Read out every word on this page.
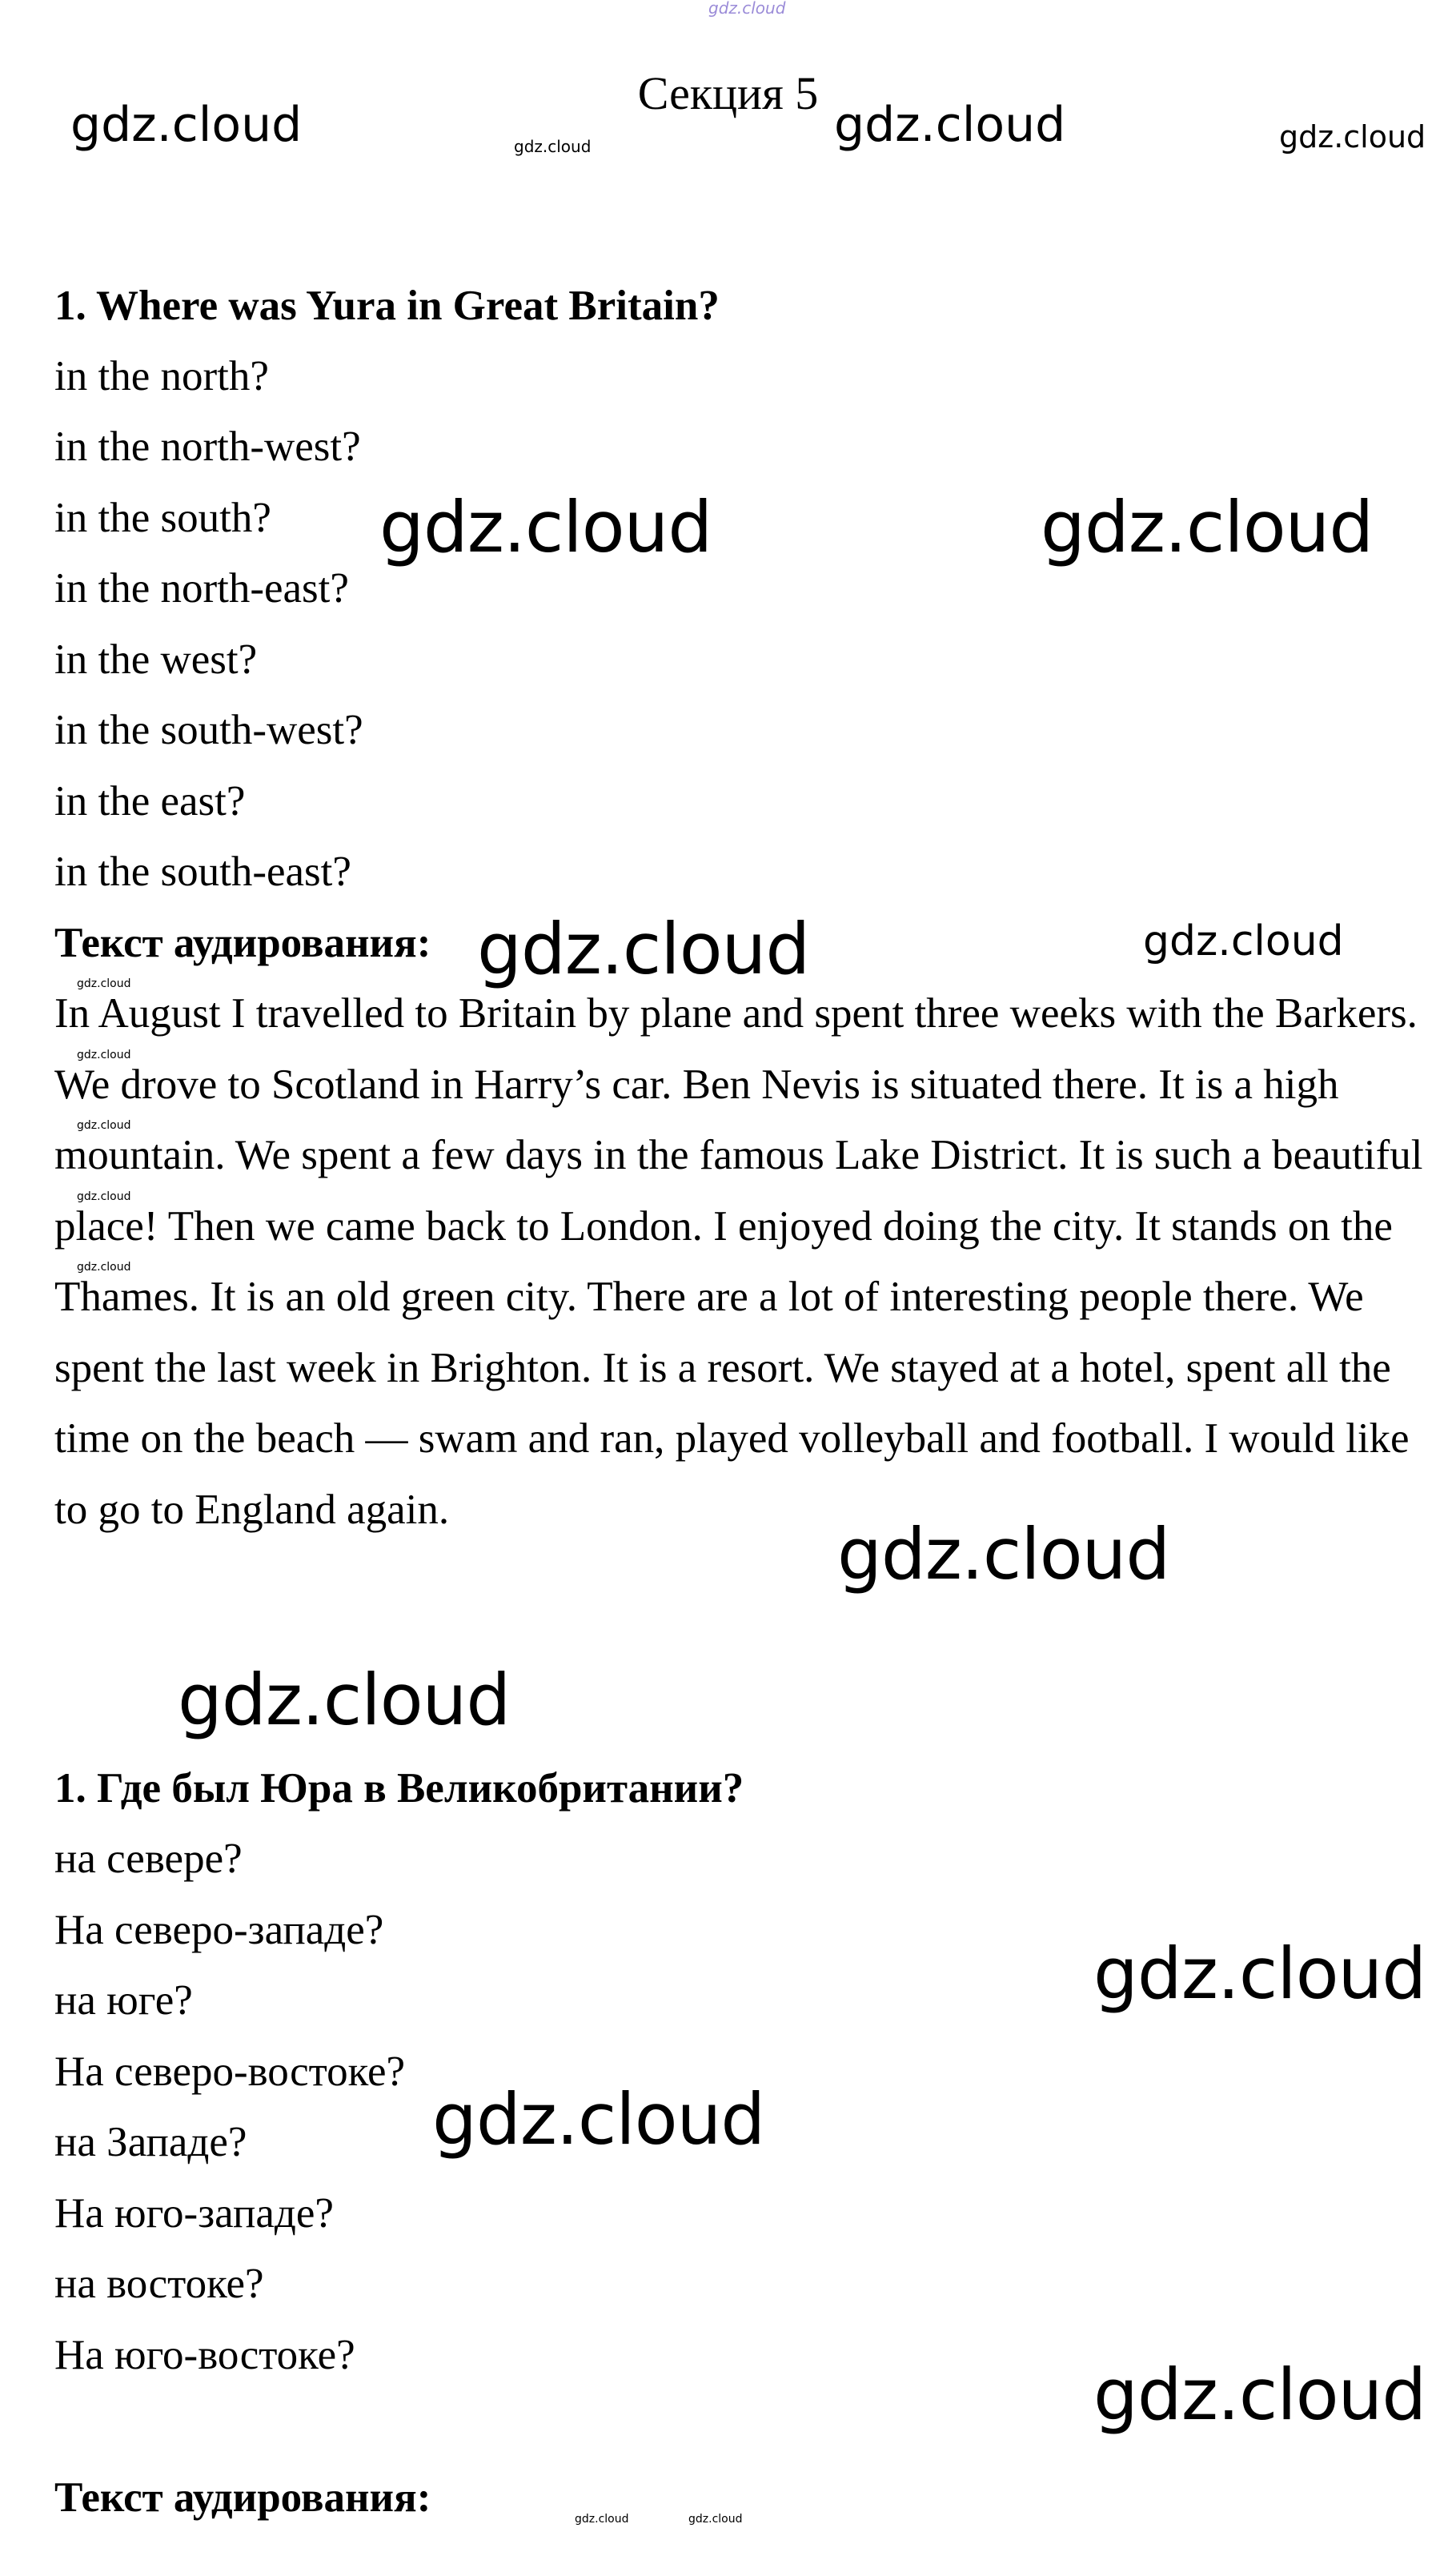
Секция 5
1. Where was Yura in Great Britain?
in the north?
in the north-west?
in the south?
in the north-east?
in the west?
in the south-west?
in the east?
in the south-east?
Текст аудирования:
In August I travelled to Britain by plane and spent three weeks with the Barkers. We drove to Scotland in Harry’s car. Ben Nevis is situated there. It is a high mountain. We spent a few days in the famous Lake District. It is such a beautiful place! Then we came back to London. I enjoyed doing the city. It stands on the Thames. It is an old green city. There are a lot of interesting people there. We spent the last week in Brighton. It is a resort. We stayed at a hotel, spent all the time on the beach — swam and ran, played volleyball and football. I would like to go to England again.
1. Где был Юра в Великобритании?
на севере?
На северо-западе?
на юге?
На северо-востоке?
на Западе?
На юго-западе?
на востоке?
На юго-востоке?
Текст аудирования:
gdz.cloud
gdz.cloud	gdz.cloud	gdz.cloud	gdz.cloud
gdz.cloud	gdz.cloud
gdz.cloud	gdz.cloud
gdz.cloud
gdz.cloud
gdz.cloud
gdz.cloud
gdz.cloud
gdz.cloud
gdz.cloud
gdz.cloud
gdz.cloud
gdz.cloud
gdz.cloud	gdz.cloud
